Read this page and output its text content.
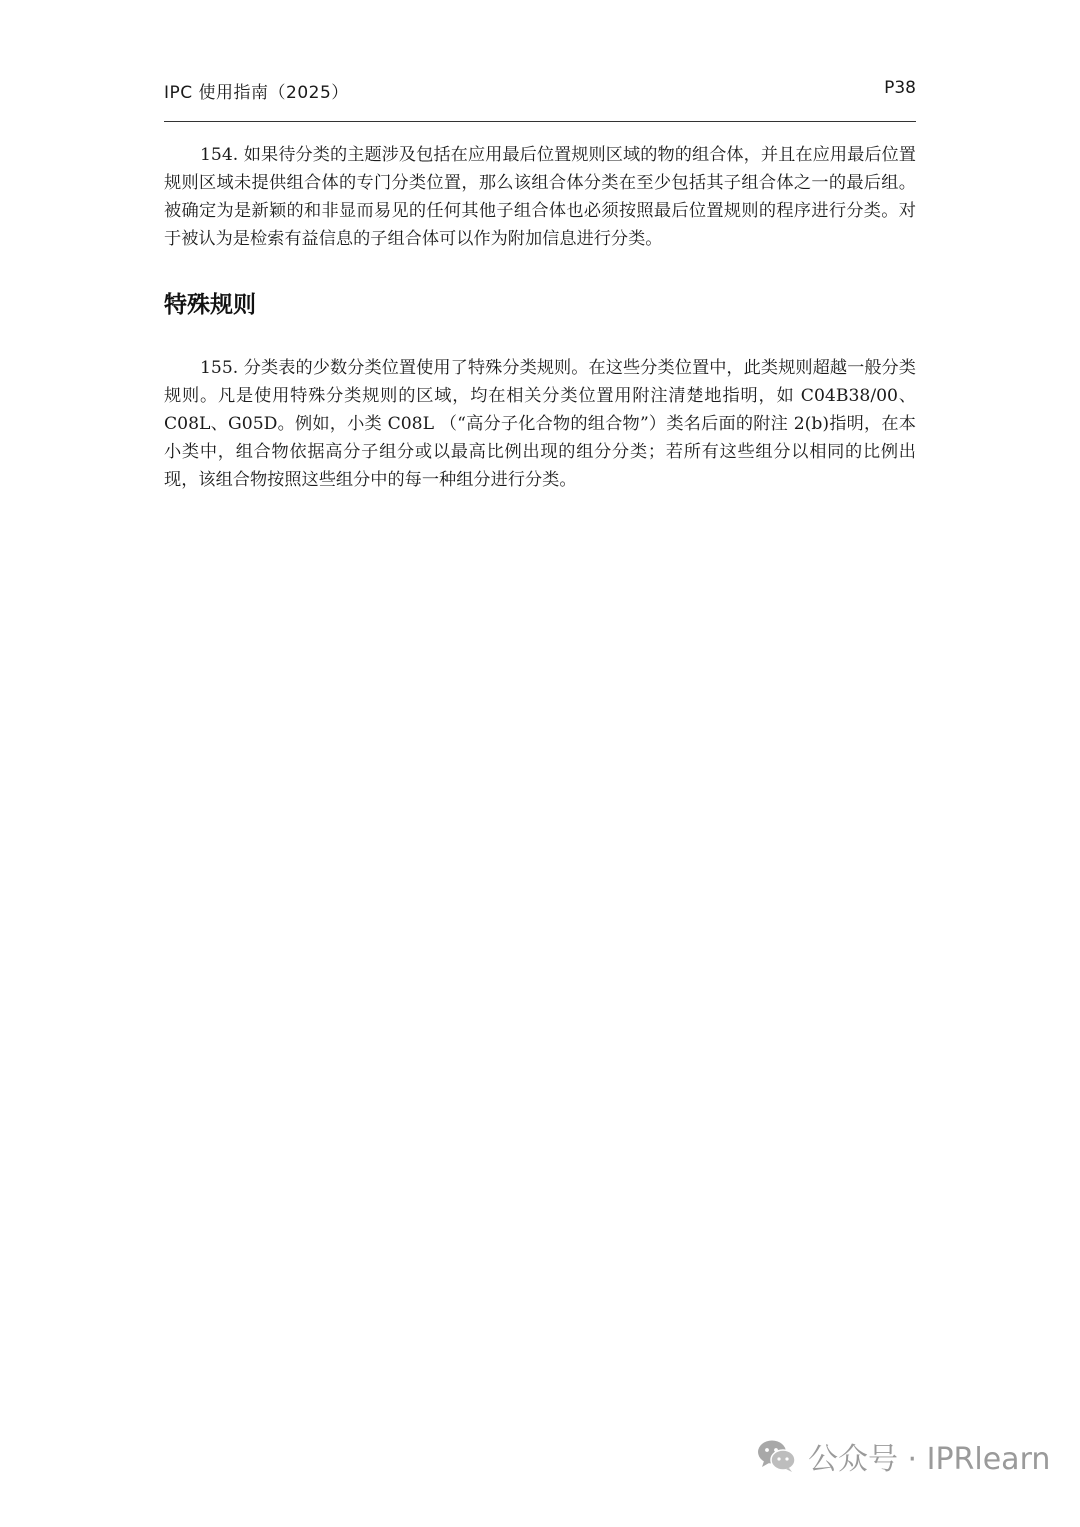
IPC 使用指南（2025）	P38

154. 如果待分类的主题涉及包括在应用最后位置规则区域的物的组合体，并且在应用最后位置规则区域未提供组合体的专门分类位置，那么该组合体分类在至少包括其子组合体之一的最后组。被确定为是新颖的和非显而易见的任何其他子组合体也必须按照最后位置规则的程序进行分类。对于被认为是检索有益信息的子组合体可以作为附加信息进行分类。

特殊规则

155. 分类表的少数分类位置使用了特殊分类规则。在这些分类位置中，此类规则超越一般分类规则。凡是使用特殊分类规则的区域，均在相关分类位置用附注清楚地指明，如 C04B38/00、C08L、G05D。例如，小类 C08L （“高分子化合物的组合物”）类名后面的附注 2(b)指明，在本小类中，组合物依据高分子组分或以最高比例出现的组分分类；若所有这些组分以相同的比例出现，该组合物按照这些组分中的每一种组分进行分类。

公众号 · IPRlearn
